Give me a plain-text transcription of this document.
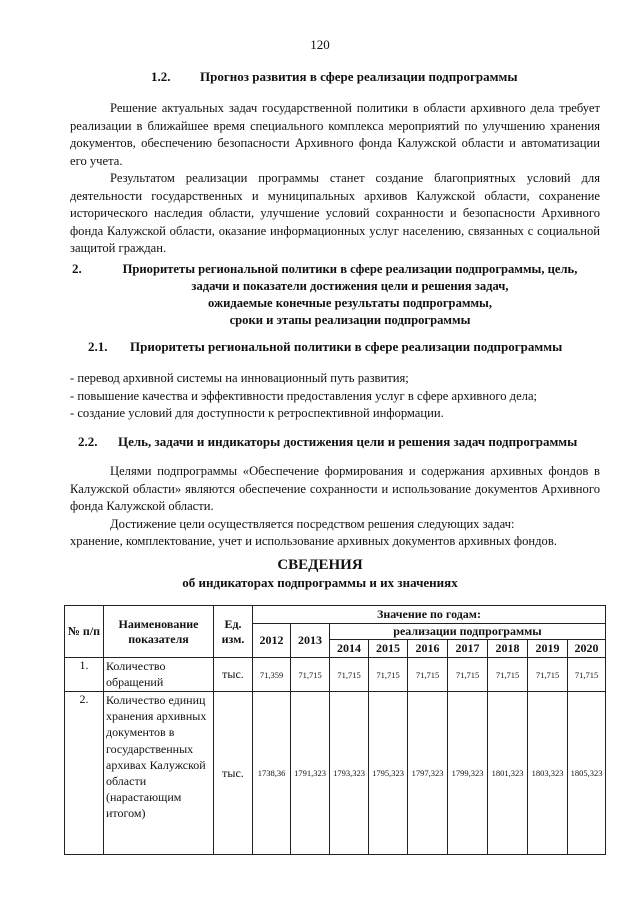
120
1.2. Прогноз развития в сфере реализации подпрограммы
Решение актуальных задач государственной политики в области архивного дела требует реализации в ближайшее время специального комплекса мероприятий по улучшению хранения документов, обеспечению безопасности Архивного фонда Калужской области и автоматизации его учета.
Результатом реализации программы станет создание благоприятных условий для деятельности государственных и муниципальных архивов Калужской области, сохранение исторического наследия области, улучшение условий сохранности и безопасности Архивного фонда Калужской области, оказание информационных услуг населению, связанных с социальной защитой граждан.
2.	Приоритеты региональной политики в сфере реализации подпрограммы, цель,
задачи и показатели достижения цели и решения задач,
ожидаемые конечные результаты подпрограммы,
сроки и этапы реализации подпрограммы
2.1. Приоритеты региональной политики в сфере реализации подпрограммы
- перевод архивной системы на инновационный путь развития;
- повышение качества и эффективности предоставления услуг в сфере архивного дела;
- создание условий для доступности к ретроспективной информации.
2.2. Цель, задачи и индикаторы достижения цели и решения задач подпрограммы
Целями подпрограммы «Обеспечение формирования и содержания архивных фондов в Калужской области» являются обеспечение сохранности и использование документов Архивного фонда Калужской области.
Достижение цели осуществляется посредством решения следующих задач:
хранение, комплектование, учет и использование архивных документов архивных фондов.
СВЕДЕНИЯ
об индикаторах подпрограммы и их значениях
№ п/п	Наименование показателя	Ед. изм.	Значение по годам:								
			2012	2013	реализации подпрограммы						
					2014	2015	2016	2017	2018	2019	2020
1.	Количество обращений	тыс.	71,359	71,715	71,715	71,715	71,715	71,715	71,715	71,715	71,715
2.	Количество единиц хранения архивных документов в государственных архивах Калужской области (нарастающим итогом)	тыс.	1738,36	1791,323	1793,323	1795,323	1797,323	1799,323	1801,323	1803,323	1805,323
